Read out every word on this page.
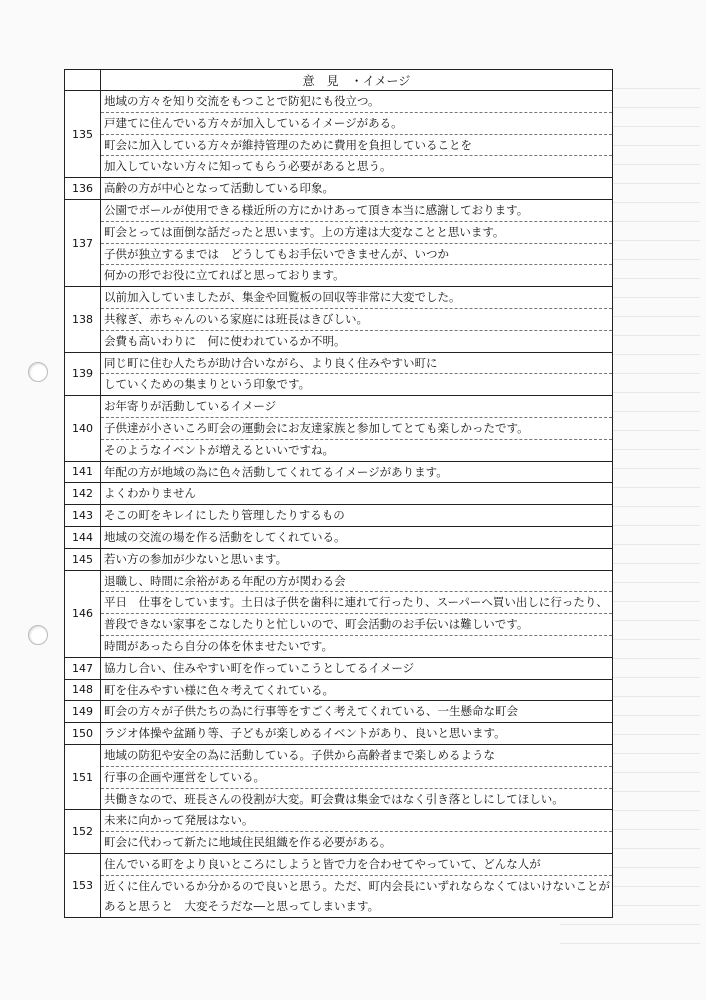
	意　見　・イメージ
135	地域の方々を知り交流をもつことで防犯にも役立つ。
戸建てに住んでいる方々が加入しているイメージがある。
町会に加入している方々が維持管理のために費用を負担していることを
加入していない方々に知ってもらう必要があると思う。

136	高齢の方が中心となって活動している印象。

137	公園でボールが使用できる様近所の方にかけあって頂き本当に感謝しております。
町会とっては面倒な話だったと思います。上の方達は大変なことと思います。
子供が独立するまでは　どうしてもお手伝いできませんが、いつか
何かの形でお役に立てればと思っております。

138	以前加入していましたが、集金や回覧板の回収等非常に大変でした。
共稼ぎ、赤ちゃんのいる家庭には班長はきびしい。
会費も高いわりに　何に使われているか不明。

139	同じ町に住む人たちが助け合いながら、より良く住みやすい町に
していくための集まりという印象です。

140	お年寄りが活動しているイメージ
子供達が小さいころ町会の運動会にお友達家族と参加してとても楽しかったです。
そのようなイベントが増えるといいですね。

141	年配の方が地域の為に色々活動してくれてるイメージがあります。

142	よくわかりません

143	そこの町をキレイにしたり管理したりするもの

144	地域の交流の場を作る活動をしてくれている。

145	若い方の参加が少ないと思います。

146	退職し、時間に余裕がある年配の方が関わる会
平日　仕事をしています。土日は子供を歯科に連れて行ったり、スーパーへ買い出しに行ったり、
普段できない家事をこなしたりと忙しいので、町会活動のお手伝いは難しいです。
時間があったら自分の体を休ませたいです。

147	協力し合い、住みやすい町を作っていこうとしてるイメージ

148	町を住みやすい様に色々考えてくれている。

149	町会の方々が子供たちの為に行事等をすごく考えてくれている、一生懸命な町会

150	ラジオ体操や盆踊り等、子どもが楽しめるイベントがあり、良いと思います。

151	地域の防犯や安全の為に活動している。子供から高齢者まで楽しめるような
行事の企画や運営をしている。
共働きなので、班長さんの役割が大変。町会費は集金ではなく引き落としにしてほしい。

152	未来に向かって発展はない。
町会に代わって新たに地域住民組織を作る必要がある。

153	住んでいる町をより良いところにしようと皆で力を合わせてやっていて、どんな人が
近くに住んでいるか分かるので良いと思う。ただ、町内会長にいずれならなくてはいけないことがあると思うと　大変そうだな―と思ってしまいます。
